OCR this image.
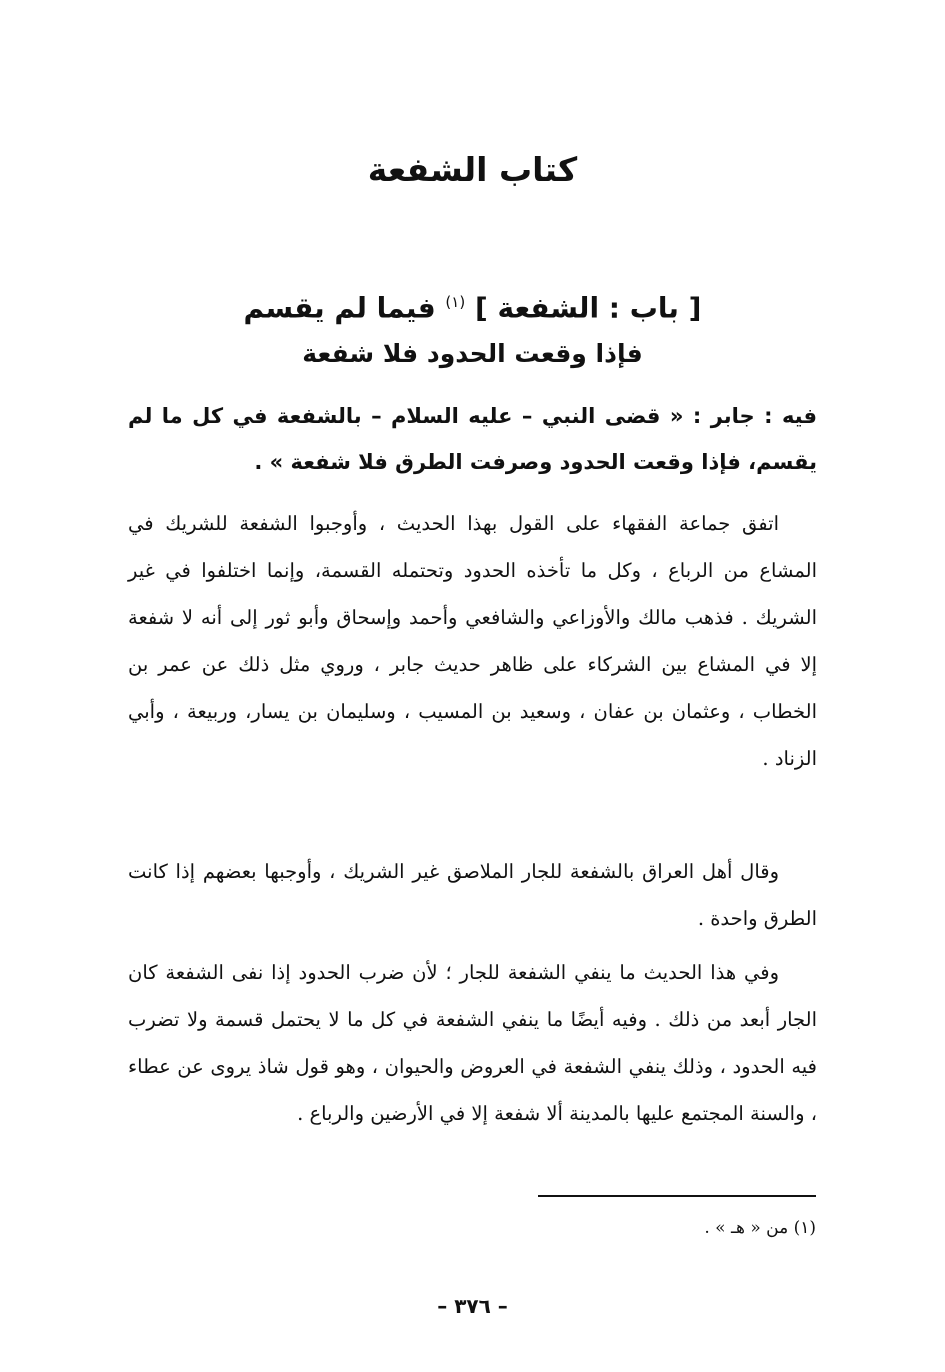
كتاب الشفعة
[ باب : الشفعة ] $^{(١)}$ فيما لم يقسم
فإذا وقعت الحدود فلا شفعة
فيه : جابر : « قضى النبي – عليه السلام – بالشفعة في كل ما لم يقسم، فإذا وقعت الحدود وصرفت الطرق فلا شفعة » .
اتفق جماعة الفقهاء على القول بهذا الحديث ، وأوجبوا الشفعة للشريك في المشاع من الرباع ، وكل ما تأخذه الحدود وتحتمله القسمة، وإنما اختلفوا في غير الشريك . فذهب مالك والأوزاعي والشافعي وأحمد وإسحاق وأبو ثور إلى أنه لا شفعة إلا في المشاع بين الشركاء على ظاهر حديث جابر ، وروي مثل ذلك عن عمر بن الخطاب ، وعثمان بن عفان ، وسعيد بن المسيب ، وسليمان بن يسار، وربيعة ، وأبي الزناد .
وقال أهل العراق بالشفعة للجار الملاصق غير الشريك ، وأوجبها بعضهم إذا كانت الطرق واحدة .
وفي هذا الحديث ما ينفي الشفعة للجار ؛ لأن ضرب الحدود إذا نفى الشفعة كان الجار أبعد من ذلك . وفيه أيضًا ما ينفي الشفعة في كل ما لا يحتمل قسمة ولا تضرب فيه الحدود ، وذلك ينفي الشفعة في العروض والحيوان ، وهو قول شاذ يروى عن عطاء ، والسنة المجتمع عليها بالمدينة ألا شفعة إلا في الأرضين والرباع .
(١) من « هـ » .
– ٣٧٦ –
